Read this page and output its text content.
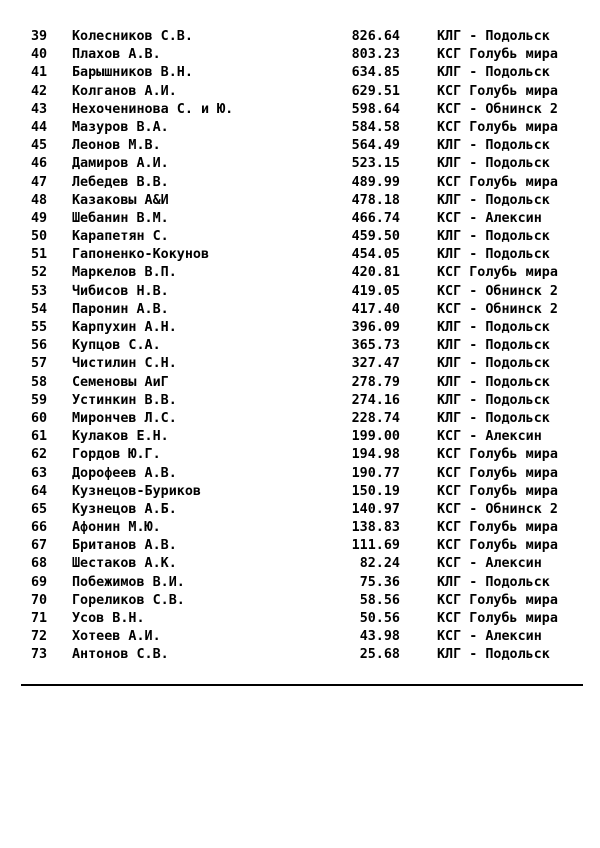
39 Колесников С.В.	826.64	КЛГ - Подольск
40 Плахов А.В.	803.23	КСГ Голубь мира
41 Барышников В.Н.	634.85	КЛГ - Подольск
42 Колганов А.И.	629.51	КСГ Голубь мира
43 Нехоченинова С. и Ю.	598.64	КСГ - Обнинск 2
44 Мазуров В.А.	584.58	КСГ Голубь мира
45 Леонов М.В.	564.49	КЛГ - Подольск
46 Дамиров А.И.	523.15	КЛГ - Подольск
47 Лебедев В.В.	489.99	КСГ Голубь мира
48 Казаковы А&И	478.18	КЛГ - Подольск
49 Шебанин В.М.	466.74	КСГ - Алексин
50 Карапетян С.	459.50	КЛГ - Подольск
51 Гапоненко-Кокунов	454.05	КЛГ - Подольск
52 Маркелов В.П.	420.81	КСГ Голубь мира
53 Чибисов Н.В.	419.05	КСГ - Обнинск 2
54 Паронин А.В.	417.40	КСГ - Обнинск 2
55 Карпухин А.Н.	396.09	КЛГ - Подольск
56 Купцов С.А.	365.73	КЛГ - Подольск
57 Чистилин С.Н.	327.47	КЛГ - Подольск
58 Семеновы АиГ	278.79	КЛГ - Подольск
59 Устинкин В.В.	274.16	КЛГ - Подольск
60 Мирончев Л.С.	228.74	КЛГ - Подольск
61 Кулаков Е.Н.	199.00	КСГ - Алексин
62 Гордов Ю.Г.	194.98	КСГ Голубь мира
63 Дорофеев А.В.	190.77	КСГ Голубь мира
64 Кузнецов-Буриков	150.19	КСГ Голубь мира
65 Кузнецов А.Б.	140.97	КСГ - Обнинск 2
66 Афонин М.Ю.	138.83	КСГ Голубь мира
67 Британов А.В.	111.69	КСГ Голубь мира
68 Шестаков А.К.	82.24	КСГ - Алексин
69 Побежимов В.И.	75.36	КЛГ - Подольск
70 Гореликов С.В.	58.56	КСГ Голубь мира
71 Усов В.Н.	50.56	КСГ Голубь мира
72 Хотеев А.И.	43.98	КСГ - Алексин
73 Антонов С.В.	25.68	КЛГ - Подольск
